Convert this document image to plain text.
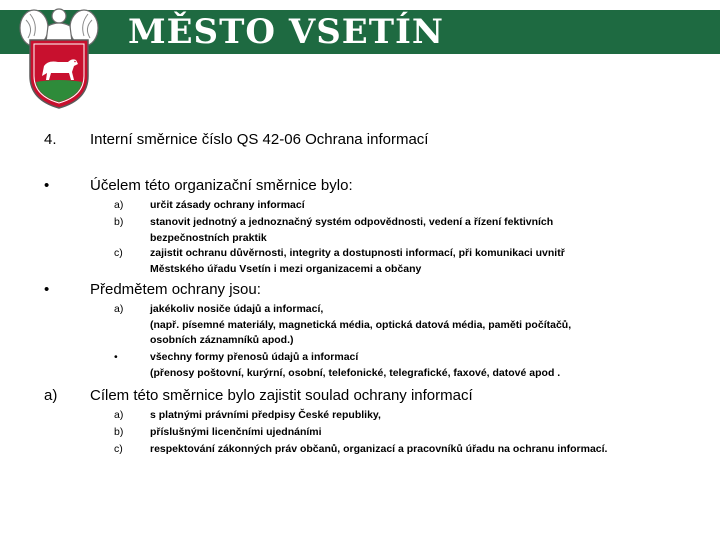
MĚSTO VSETÍN
4. Interní směrnice číslo QS 42-06 Ochrana informací
•	Účelem této organizační směrnice bylo:
a)	určit zásady ochrany informací
b)	stanovit jednotný a jednoznačný systém odpovědnosti, vedení a řízení fektivních
bezpečnostních praktik
c)	zajistit ochranu důvěrnosti, integrity a dostupnosti informací, při komunikaci uvnitř
Městského úřadu Vsetín i mezi organizacemi a občany
•	Předmětem ochrany jsou:
a)	jakékoliv nosiče údajů a informací,
(např. písemné materiály, magnetická média, optická datová média, paměti počítačů,
osobních záznamníků apod.)
•	všechny formy přenosů údajů a informací
(přenosy poštovní, kurýrní, osobní, telefonické, telegrafické, faxové, datové apod .
a) Cílem této směrnice bylo zajistit soulad ochrany informací
a)	s platnými právními předpisy České republiky,
b)	příslušnými licenčními ujednáními
c)	respektování zákonných práv občanů, organizací a pracovníků úřadu na ochranu informací.
